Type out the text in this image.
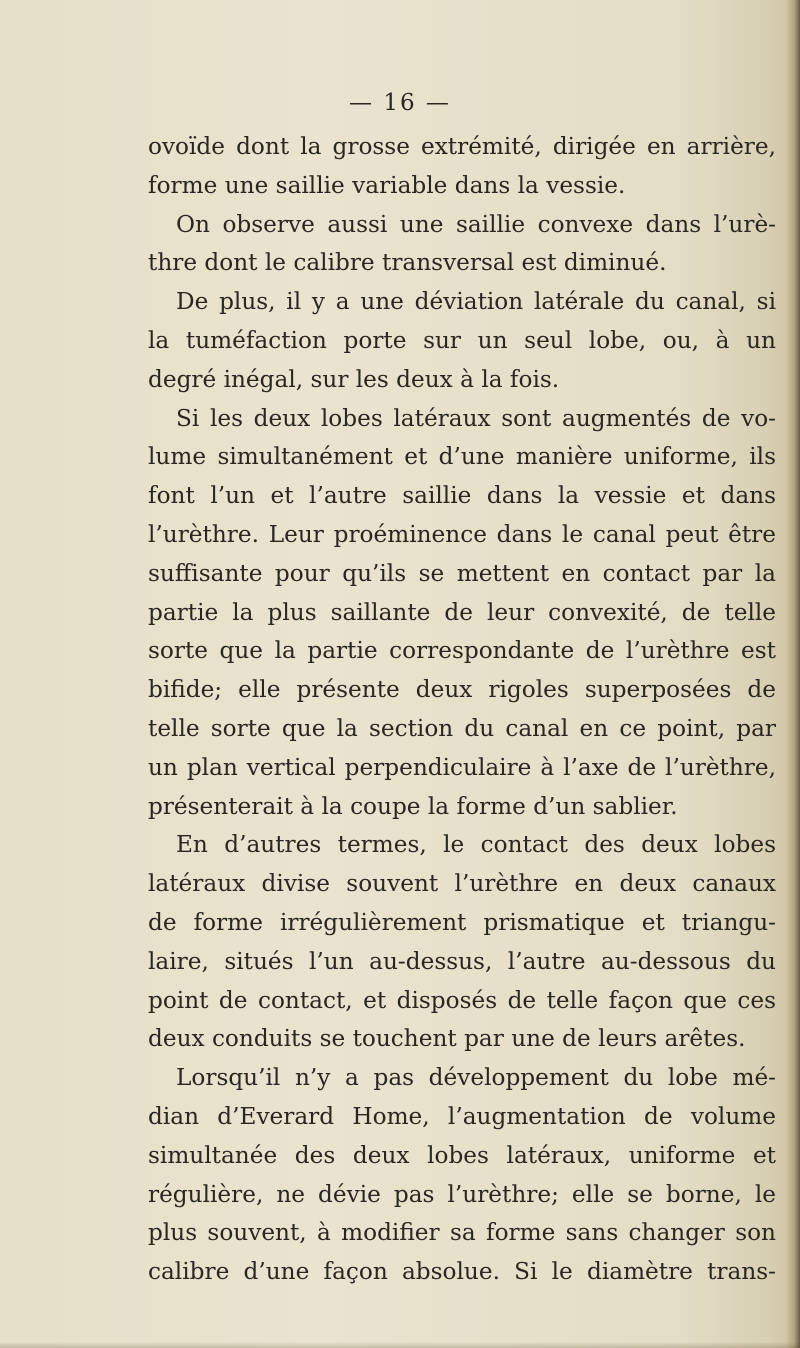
— 16 —
ovoïde dont la grosse extrémité, dirigée en arrière,
forme une saillie variable dans la vessie.
On observe aussi une saillie convexe dans l’urè-
thre dont le calibre transversal est diminué.
De plus, il y a une déviation latérale du canal, si
la tuméfaction porte sur un seul lobe, ou, à un
degré inégal, sur les deux à la fois.
Si les deux lobes latéraux sont augmentés de vo-
lume simultanément et d’une manière uniforme, ils
font l’un et l’autre saillie dans la vessie et dans
l’urèthre. Leur proéminence dans le canal peut être
suffisante pour qu’ils se mettent en contact par la
partie la plus saillante de leur convexité, de telle
sorte que la partie correspondante de l’urèthre est
bifide; elle présente deux rigoles superposées de
telle sorte que la section du canal en ce point, par
un plan vertical perpendiculaire à l’axe de l’urèthre,
présenterait à la coupe la forme d’un sablier.
En d’autres termes, le contact des deux lobes
latéraux divise souvent l’urèthre en deux canaux
de forme irrégulièrement prismatique et triangu-
laire, situés l’un au-dessus, l’autre au-dessous du
point de contact, et disposés de telle façon que ces
deux conduits se touchent par une de leurs arêtes.
Lorsqu’il n’y a pas développement du lobe mé-
dian d’Everard Home, l’augmentation de volume
simultanée des deux lobes latéraux, uniforme et
régulière, ne dévie pas l’urèthre; elle se borne, le
plus souvent, à modifier sa forme sans changer son
calibre d’une façon absolue. Si le diamètre trans-
